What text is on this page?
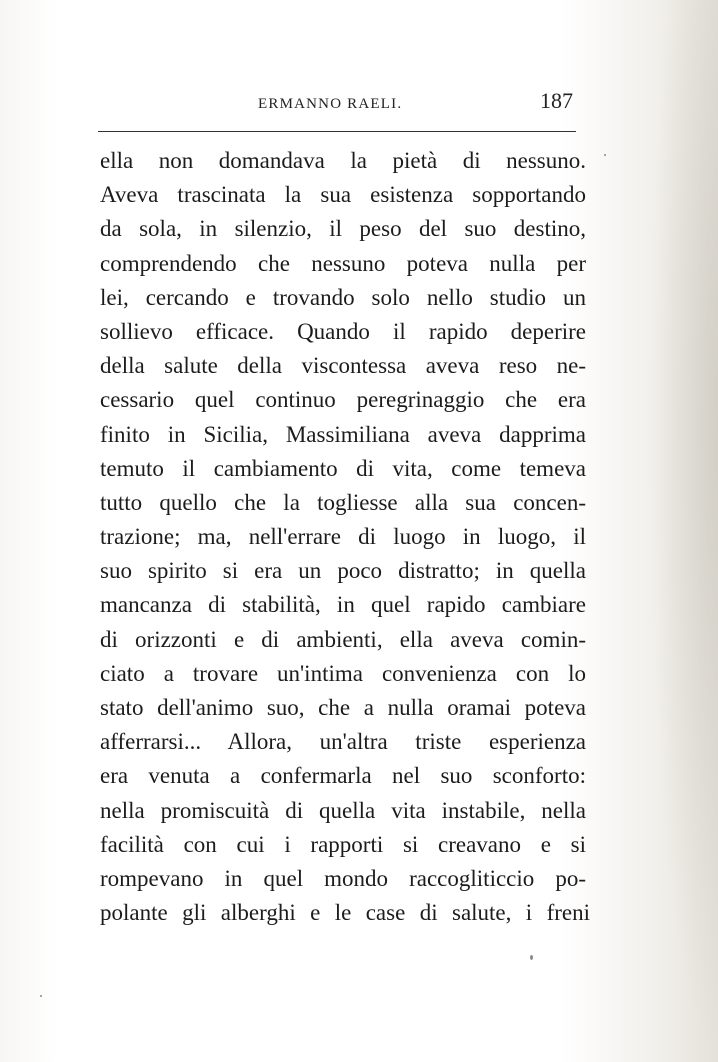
ERMANNO RAELI.	187
ella non domandava la pietà di nessuno.
Aveva trascinata la sua esistenza sopportando
da sola, in silenzio, il peso del suo destino,
comprendendo che nessuno poteva nulla per
lei, cercando e trovando solo nello studio un
sollievo efficace. Quando il rapido deperire
della salute della viscontessa aveva reso ne-
cessario quel continuo peregrinaggio che era
finito in Sicilia, Massimiliana aveva dapprima
temuto il cambiamento di vita, come temeva
tutto quello che la togliesse alla sua concen-
trazione; ma, nell'errare di luogo in luogo, il
suo spirito si era un poco distratto; in quella
mancanza di stabilità, in quel rapido cambiare
di orizzonti e di ambienti, ella aveva comin-
ciato a trovare un'intima convenienza con lo
stato dell'animo suo, che a nulla oramai poteva
afferrarsi... Allora, un'altra triste esperienza
era venuta a confermarla nel suo sconforto:
nella promiscuità di quella vita instabile, nella
facilità con cui i rapporti si creavano e si
rompevano in quel mondo raccogliticcio po-
polante gli alberghi e le case di salute, i freni
